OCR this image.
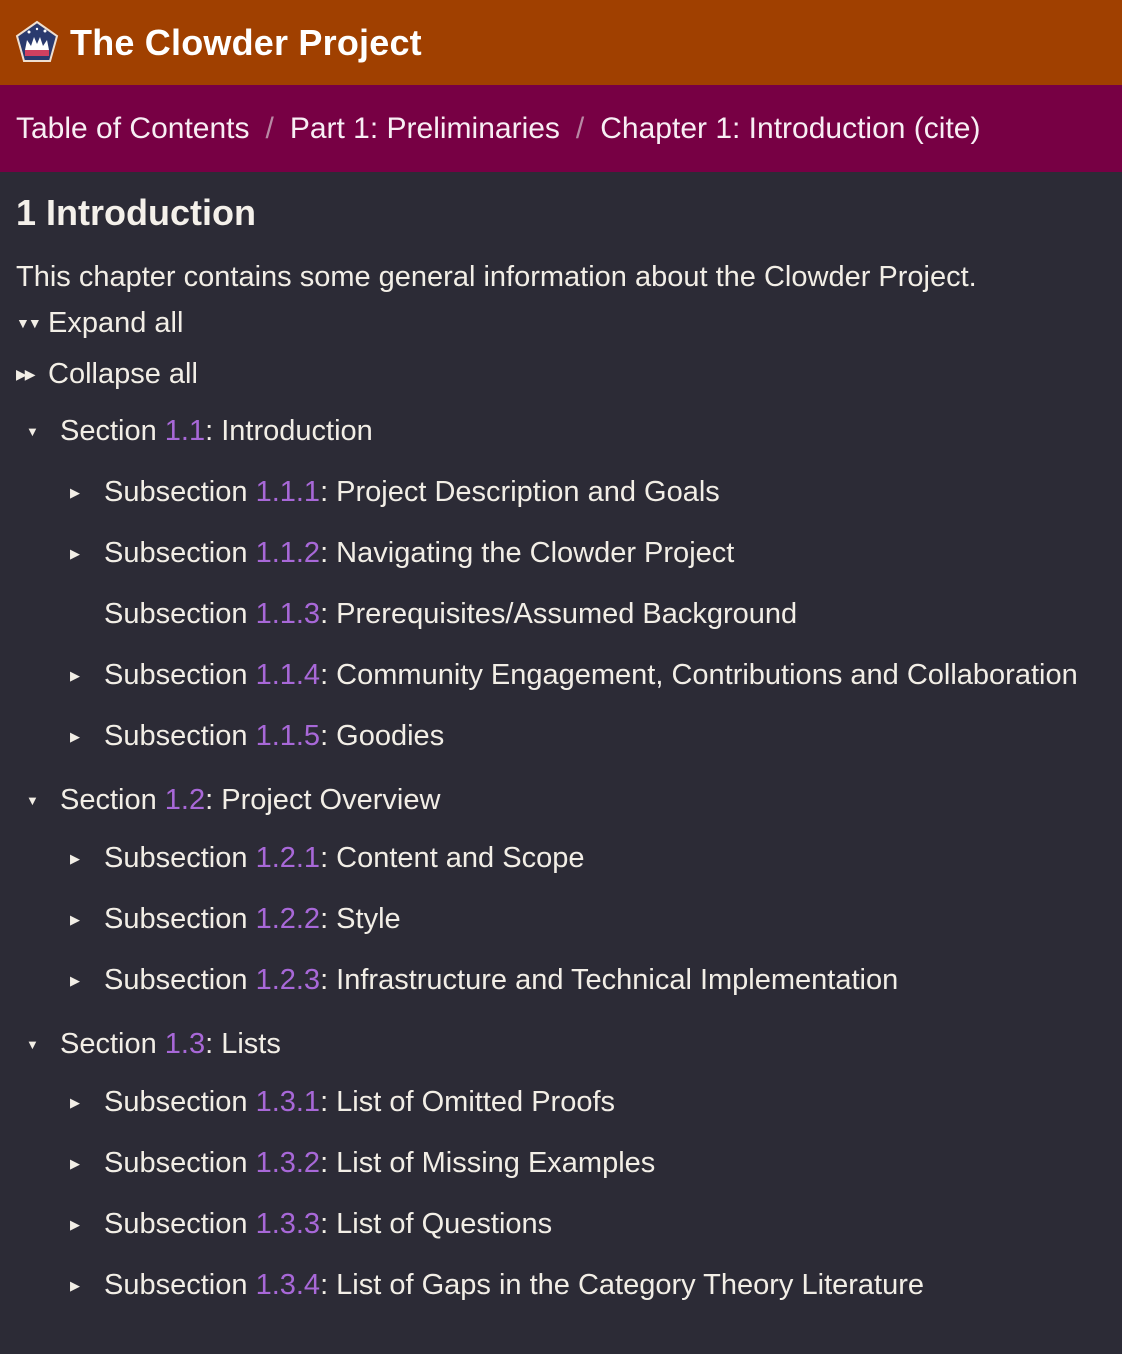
The Clowder Project
Table of Contents / Part 1: Preliminaries / Chapter 1: Introduction (cite)
1 Introduction
This chapter contains some general information about the Clowder Project.
▼▼ Expand all
▶▶ Collapse all
▼ Section
1.1 : Introduction
▶ Subsection
1.1.1 : Project Description and Goals
▶ Subsection
1.1.2 : Navigating the Clowder Project
Subsection
1.1.3 : Prerequisites/Assumed Background
▶ Subsection
1.1.4 : Community Engagement, Contributions and Collaboration
▶ Subsection
1.1.5 : Goodies
▼ Section
1.2 : Project Overview
▶ Subsection
1.2.1 : Content and Scope
▶ Subsection
1.2.2 : Style
▶ Subsection
1.2.3 : Infrastructure and Technical Implementation
▼ Section
1.3 : Lists
▶ Subsection
1.3.1 : List of Omitted Proofs
▶ Subsection
1.3.2 : List of Missing Examples
▶ Subsection
1.3.3 : List of Questions
▶ Subsection
1.3.4 : List of Gaps in the Category Theory Literature
